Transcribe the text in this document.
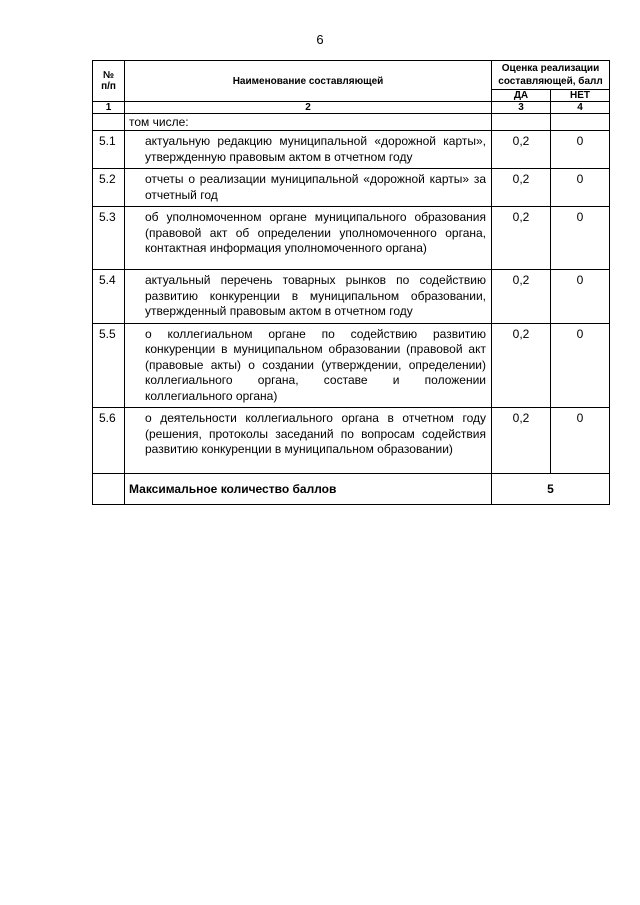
6
№ п/п	Наименование составляющей	Оценка реализации составляющей, балл	
		ДА	НЕТ
1	2	3	4
	том числе:		
5.1	актуальную редакцию муниципальной «дорожной карты», утвержденную правовым актом в отчетном году	0,2	0
5.2	отчеты о реализации муниципальной «дорожной карты» за отчетный год	0,2	0
5.3	об уполномоченном органе муниципального образования (правовой акт об определении уполномоченного органа, контактная информация уполномоченного органа)	0,2	0
5.4	актуальный перечень товарных рынков по содействию развитию конкуренции в муниципальном образовании, утвержденный правовым актом в отчетном году	0,2	0
5.5	о коллегиальном органе по содействию развитию конкуренции в муниципальном образовании (правовой акт (правовые акты) о создании (утверждении, определении) коллегиального органа, составе и положении коллегиального органа)	0,2	0
5.6	о деятельности коллегиального органа в отчетном году (решения, протоколы заседаний по вопросам содействия развитию конкуренции в муниципальном образовании)	0,2	0
	Максимальное количество баллов	5	
